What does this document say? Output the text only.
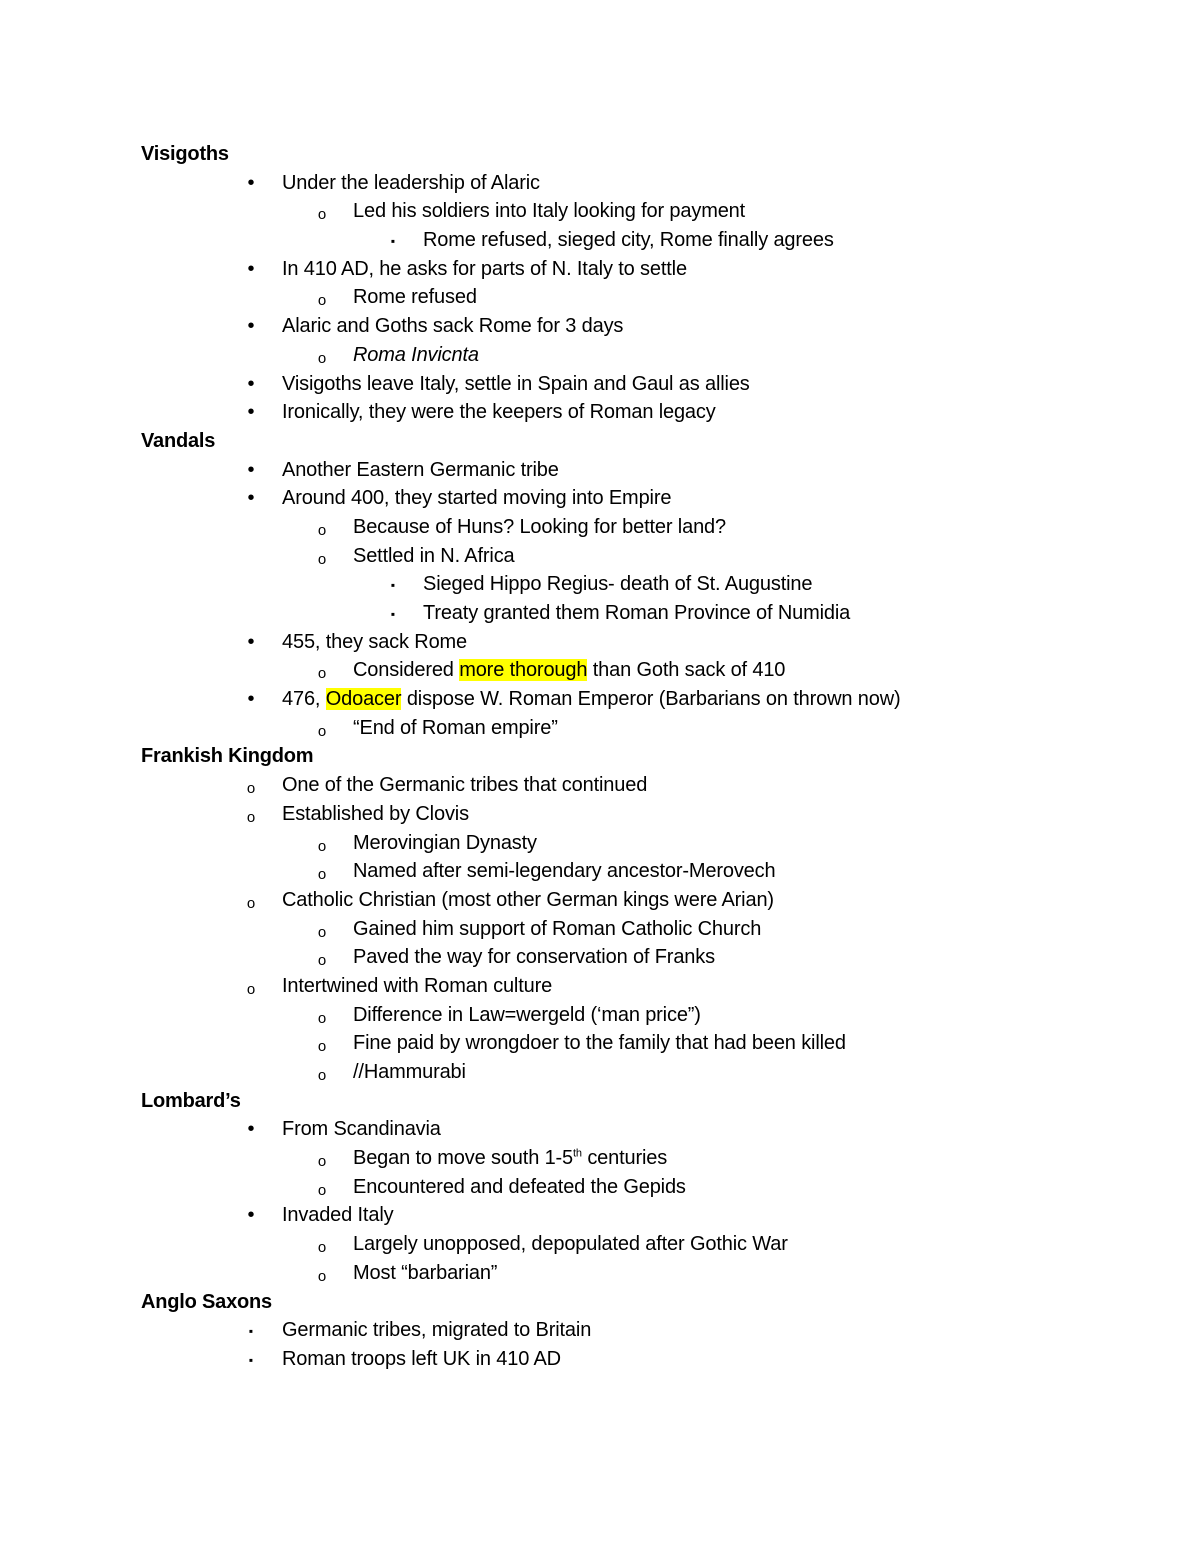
Visigoths
•
Under the leadership of Alaric
o
Led his soldiers into Italy looking for payment
▪
Rome refused, sieged city, Rome finally agrees
•
In 410 AD, he asks for parts of N. Italy to settle
o
Rome refused
•
Alaric and Goths sack Rome for 3 days
o
Roma Invicnta
•
Visigoths leave Italy, settle in Spain and Gaul as allies
•
Ironically, they were the keepers of Roman legacy
Vandals
•
Another Eastern Germanic tribe
•
Around 400, they started moving into Empire
o
Because of Huns? Looking for better land?
o
Settled in N. Africa
▪
Sieged Hippo Regius- death of St. Augustine
▪
Treaty granted them Roman Province of Numidia
•
455, they sack Rome
o
Considered more thorough than Goth sack of 410
•
476, Odoacer dispose W. Roman Emperor (Barbarians on thrown now)
o
“End of Roman empire”
Frankish Kingdom
o
One of the Germanic tribes that continued
o
Established by Clovis
o
Merovingian Dynasty
o
Named after semi-legendary ancestor-Merovech
o
Catholic Christian (most other German kings were Arian)
o
Gained him support of Roman Catholic Church
o
Paved the way for conservation of Franks
o
Intertwined with Roman culture
o
Difference in Law=wergeld (‘man price”)
o
Fine paid by wrongdoer to the family that had been killed
o
//Hammurabi
Lombard’s
•
From Scandinavia
o
Began to move south 1-5th centuries
o
Encountered and defeated the Gepids
•
Invaded Italy
o
Largely unopposed, depopulated after Gothic War
o
Most “barbarian”
Anglo Saxons
▪
Germanic tribes, migrated to Britain
▪
Roman troops left UK in 410 AD
